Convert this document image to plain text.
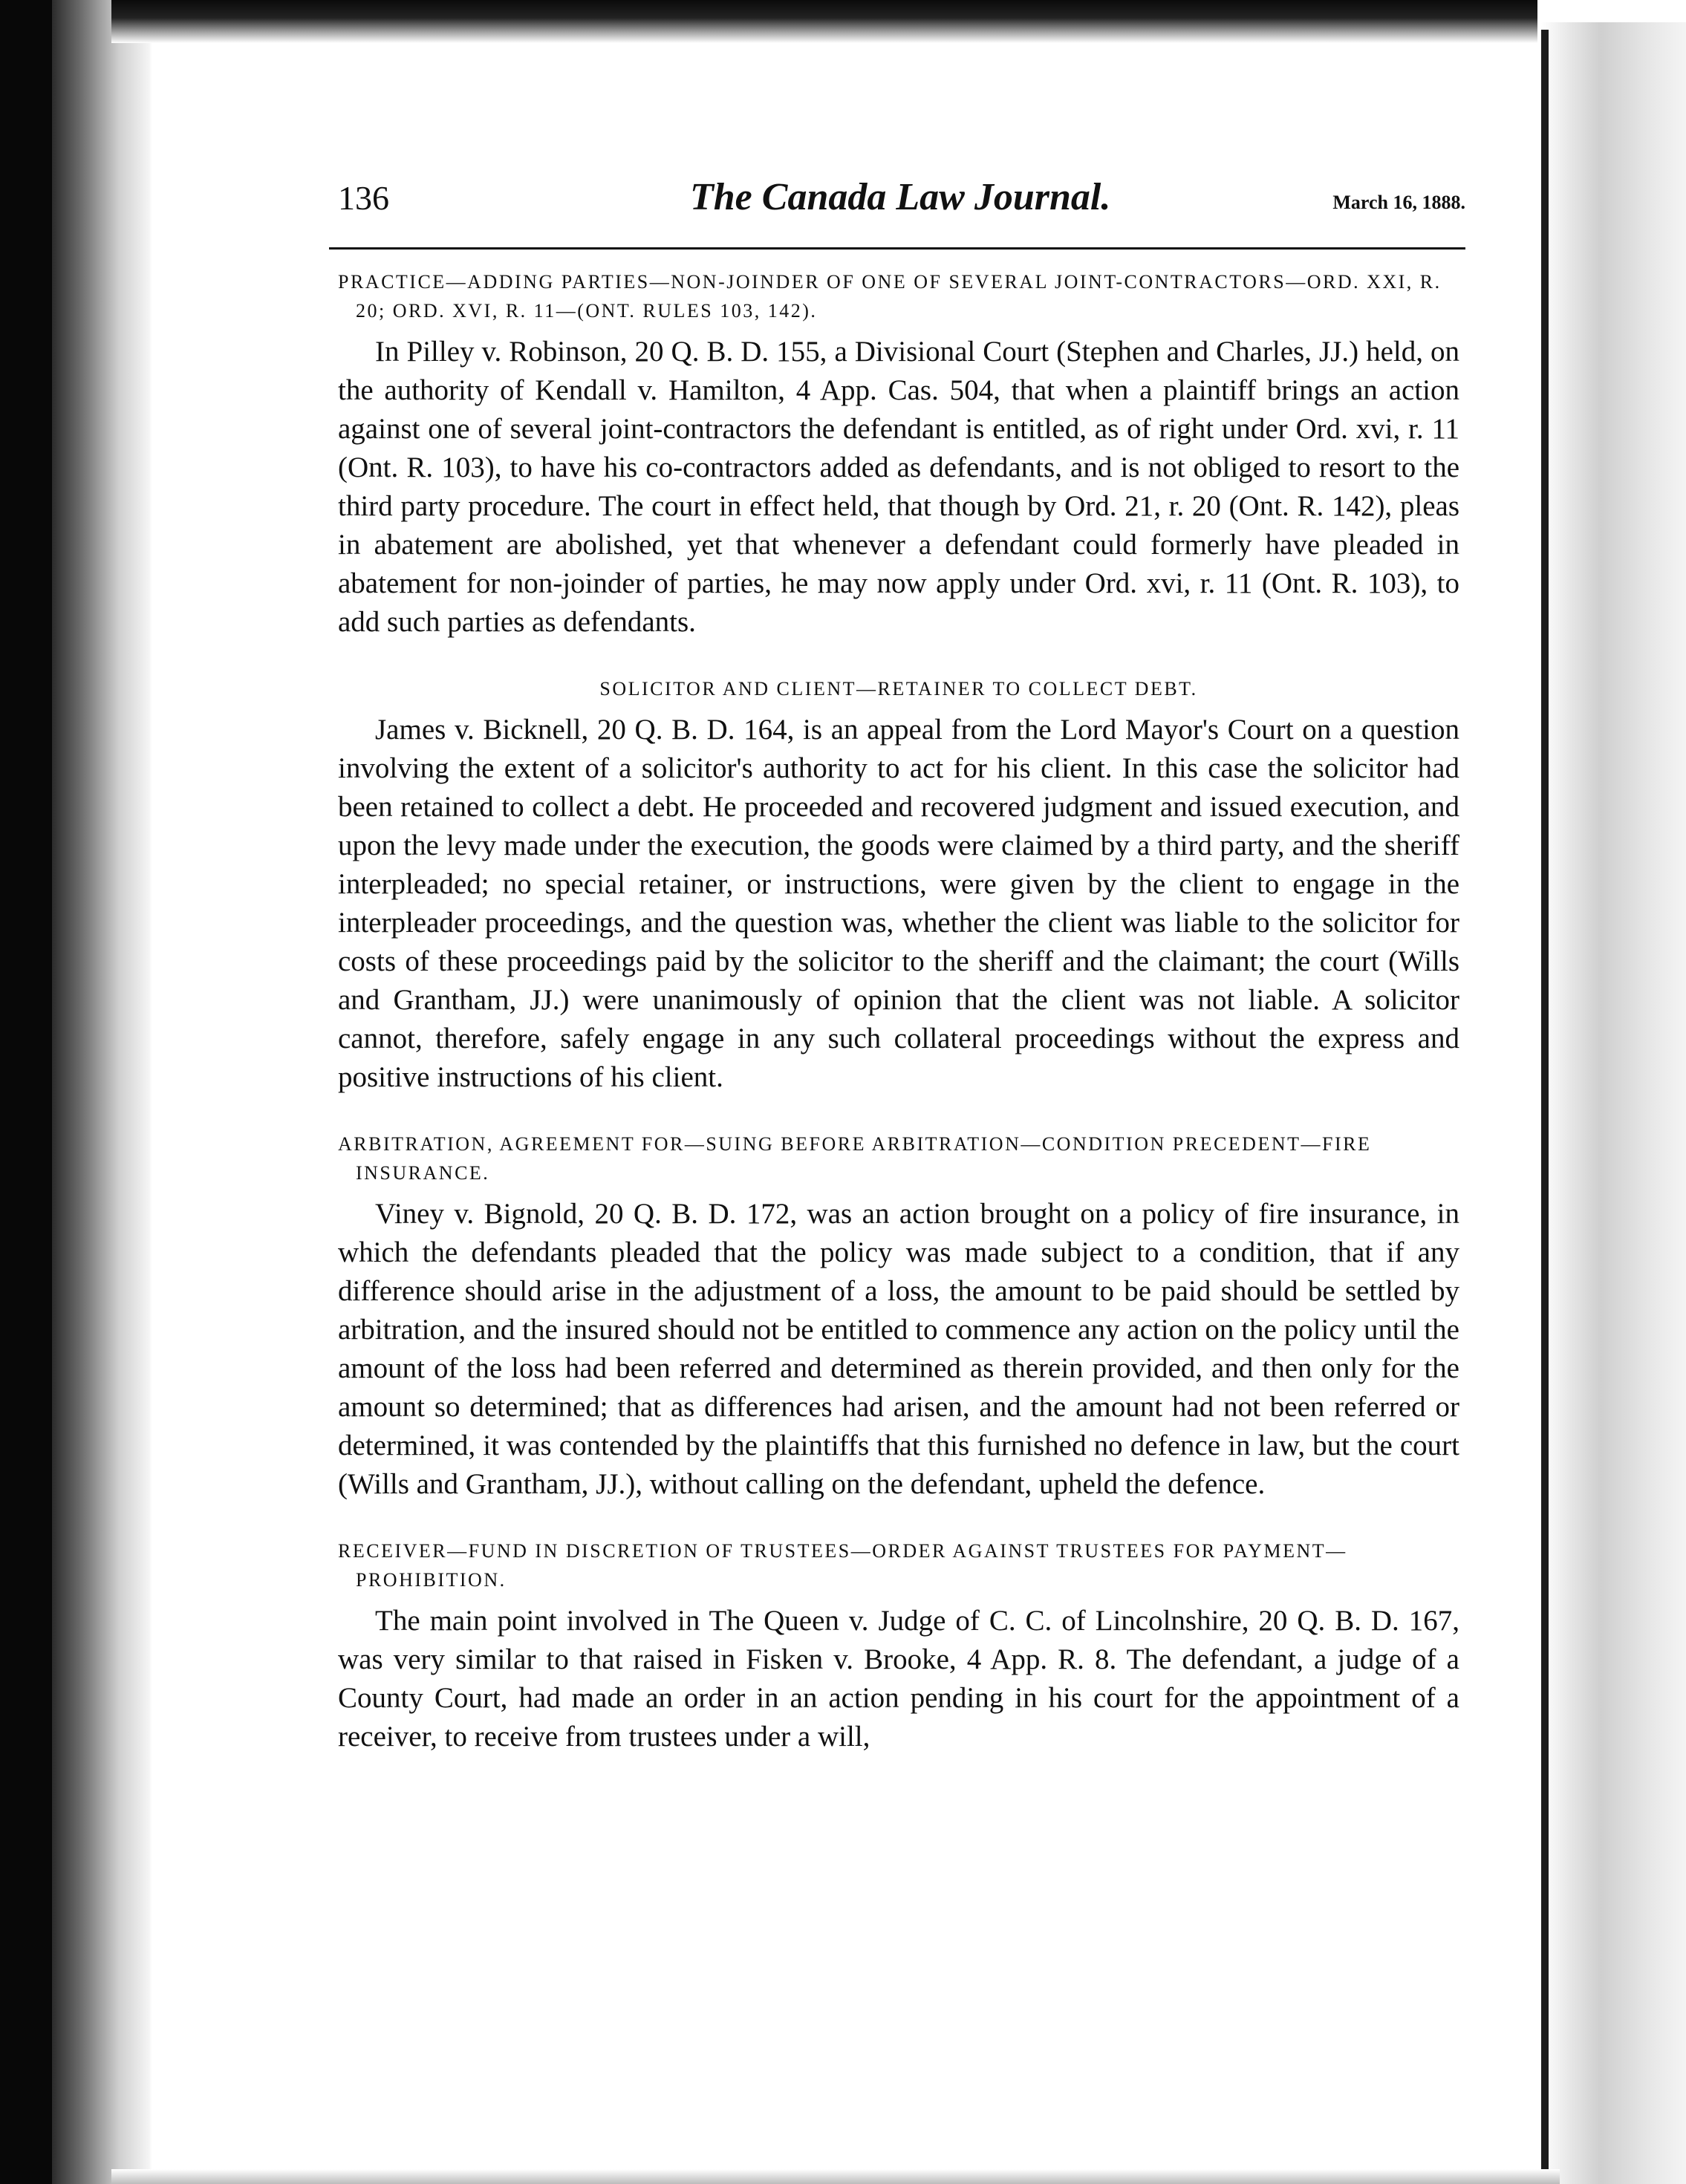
136	The Canada Law Journal.	March 16, 1888.

PRACTICE—ADDING PARTIES—NON-JOINDER OF ONE OF SEVERAL JOINT-CONTRACTORS—ORD. XXI, R. 20; ORD. XVI, R. 11—(ONT. RULES 103, 142).

In Pilley v. Robinson, 20 Q. B. D. 155, a Divisional Court (Stephen and Charles, JJ.) held, on the authority of Kendall v. Hamilton, 4 App. Cas. 504, that when a plaintiff brings an action against one of several joint-contractors the defendant is entitled, as of right under Ord. xvi, r. 11 (Ont. R. 103), to have his co-contractors added as defendants, and is not obliged to resort to the third party procedure. The court in effect held, that though by Ord. 21, r. 20 (Ont. R. 142), pleas in abatement are abolished, yet that whenever a defendant could formerly have pleaded in abatement for non-joinder of parties, he may now apply under Ord. xvi, r. 11 (Ont. R. 103), to add such parties as defendants.

SOLICITOR AND CLIENT—RETAINER TO COLLECT DEBT.

James v. Bicknell, 20 Q. B. D. 164, is an appeal from the Lord Mayor's Court on a question involving the extent of a solicitor's authority to act for his client. In this case the solicitor had been retained to collect a debt. He proceeded and recovered judgment and issued execution, and upon the levy made under the execution, the goods were claimed by a third party, and the sheriff interpleaded; no special retainer, or instructions, were given by the client to engage in the interpleader proceedings, and the question was, whether the client was liable to the solicitor for costs of these proceedings paid by the solicitor to the sheriff and the claimant; the court (Wills and Grantham, JJ.) were unanimously of opinion that the client was not liable. A solicitor cannot, therefore, safely engage in any such collateral proceedings without the express and positive instructions of his client.

ARBITRATION, AGREEMENT FOR—SUING BEFORE ARBITRATION—CONDITION PRECEDENT—FIRE INSURANCE.

Viney v. Bignold, 20 Q. B. D. 172, was an action brought on a policy of fire insurance, in which the defendants pleaded that the policy was made subject to a condition, that if any difference should arise in the adjustment of a loss, the amount to be paid should be settled by arbitration, and the insured should not be entitled to commence any action on the policy until the amount of the loss had been referred and determined as therein provided, and then only for the amount so determined; that as differences had arisen, and the amount had not been referred or determined, it was contended by the plaintiffs that this furnished no defence in law, but the court (Wills and Grantham, JJ.), without calling on the defendant, upheld the defence.

RECEIVER—FUND IN DISCRETION OF TRUSTEES—ORDER AGAINST TRUSTEES FOR PAYMENT—PROHIBITION.

The main point involved in The Queen v. Judge of C. C. of Lincolnshire, 20 Q. B. D. 167, was very similar to that raised in Fisken v. Brooke, 4 App. R. 8. The defendant, a judge of a County Court, had made an order in an action pending in his court for the appointment of a receiver, to receive from trustees under a will,
